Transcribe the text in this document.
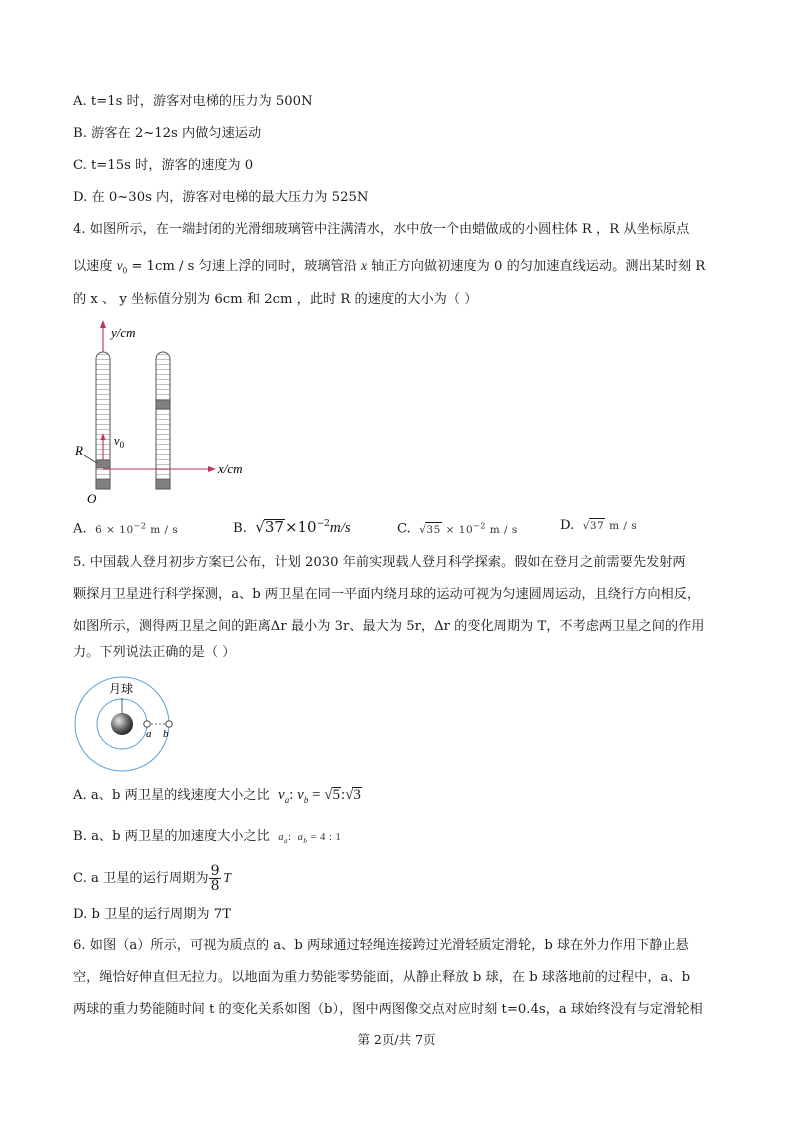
A. t=1s 时，游客对电梯的压力为 500N
B. 游客在 2~12s 内做匀速运动
C. t=15s 时，游客的速度为 0
D. 在 0~30s 内，游客对电梯的最大压力为 525N
4. 如图所示，在一端封闭的光滑细玻璃管中注满清水，水中放一个由蜡做成的小圆柱体 R ，R 从坐标原点
以速度 $v_0 = 1cm / s$ 匀速上浮的同时，玻璃管沿 x 轴正方向做初速度为 0 的匀加速直线运动。测出某时刻 R
的 x 、 y 坐标值分别为 6cm 和 2cm ，此时 R 的速度的大小为（ ）
y/cm
$v_0$
R
x/cm
O
A. $6 \times 10^{-2}$ m / s	B. $√37\times 10^{-2}m/s$	C. $√35 \times 10^{-2}$ m / s	D. √37 m / s
5. 中国载人登月初步方案已公布，计划 2030 年前实现载人登月科学探索。假如在登月之前需要先发射两
颗探月卫星进行科学探测，a、b 两卫星在同一平面内绕月球的运动可视为匀速圆周运动，且绕行方向相反，
如图所示，测得两卫星之间的距离Δr 最小为 3r、最大为 5r，Δr 的变化周期为 T，不考虑两卫星之间的作用
力。下列说法正确的是（ ）
月球
a b
A. a、b 两卫星的线速度大小之比 $v_a$: $v_b$ = √5:√3
B. a、b 两卫星的加速度大小之比 $a_a$:  $a_b = 4$ : 1
C. a 卫星的运行周期为 $\frac{9}{8}$ T
D. b 卫星的运行周期为 7T
6. 如图（a）所示，可视为质点的 a、b 两球通过轻绳连接跨过光滑轻质定滑轮，b 球在外力作用下静止悬
空，绳恰好伸直但无拉力。以地面为重力势能零势能面，从静止释放 b 球，在 b 球落地前的过程中，a、b
两球的重力势能随时间 t 的变化关系如图（b），图中两图像交点对应时刻 t=0.4s，a 球始终没有与定滑轮相
第 2页/共 7页
